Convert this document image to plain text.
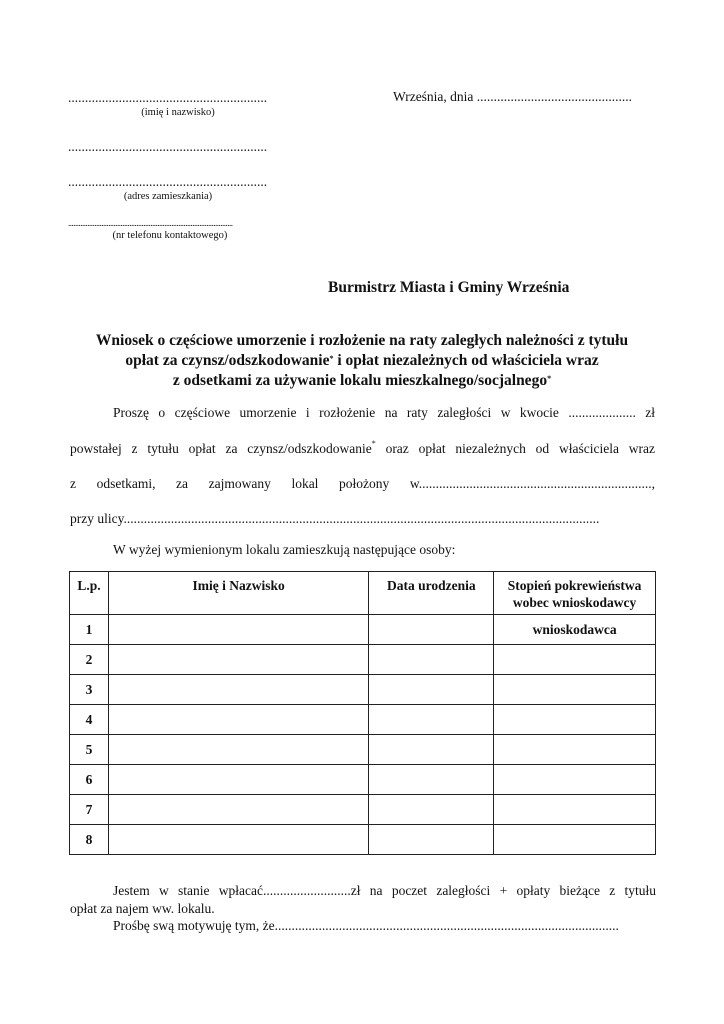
...........................................................
(imię i nazwisko)
...........................................................
...........................................................
(adres zamieszkania)
..............................................................................................
(nr telefonu kontaktowego)
Września, dnia ..............................................
Burmistrz Miasta i Gminy Września
Wniosek o częściowe umorzenie i rozłożenie na raty zaległych należności z tytułu
opłat za czynsz/odszkodowanie* i opłat niezależnych od właściciela wraz
z odsetkami za używanie lokalu mieszkalnego/socjalnego*
Proszę o częściowe umorzenie i rozłożenie na raty zaległości w kwocie .................... zł
powstałej z tytułu opłat za czynsz/odszkodowanie* oraz opłat niezależnych od właściciela wraz
z odsetkami, za zajmowany lokal położony w.....................................................................,
przy ulicy.............................................................................................................................................
W wyżej wymienionym lokalu zamieszkują następujące osoby:
L.p.	Imię i Nazwisko	Data urodzenia	Stopień pokrewieństwa
wobec wnioskodawcy
1			wnioskodawca
2			
3			
4			
5			
6			
7			
8			
Jestem w stanie wpłacać..........................zł na poczet zaległości + opłaty bieżące z tytułu
opłat za najem ww. lokalu.
Prośbę swą motywuję tym, że......................................................................................................
